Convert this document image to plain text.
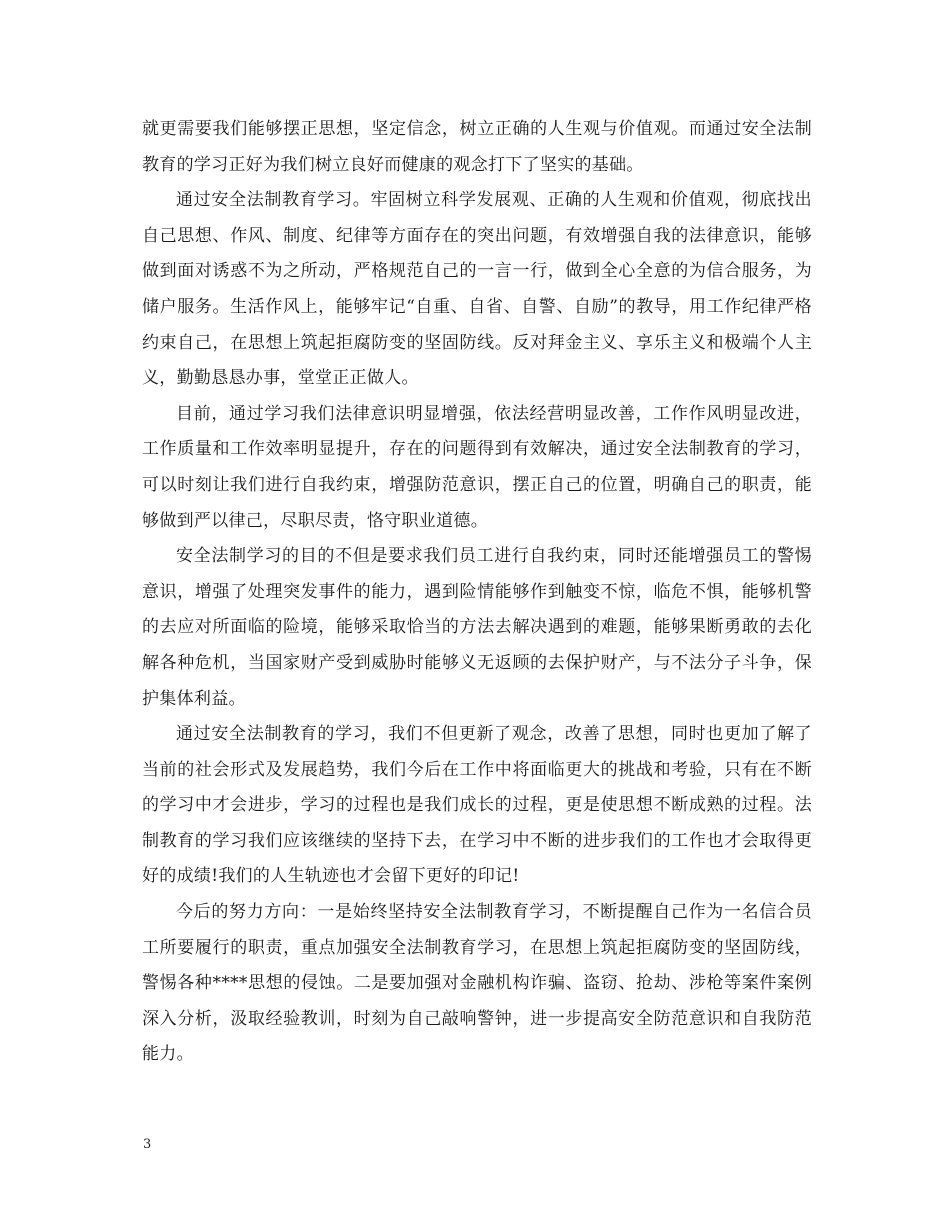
就更需要我们能够摆正思想，坚定信念，树立正确的人生观与价值观。而通过安全法制教育的学习正好为我们树立良好而健康的观念打下了坚实的基础。

通过安全法制教育学习。牢固树立科学发展观、正确的人生观和价值观，彻底找出自己思想、作风、制度、纪律等方面存在的突出问题，有效增强自我的法律意识，能够做到面对诱惑不为之所动，严格规范自己的一言一行，做到全心全意的为信合服务，为储户服务。生活作风上，能够牢记“自重、自省、自警、自励”的教导，用工作纪律严格约束自己，在思想上筑起拒腐防变的坚固防线。反对拜金主义、享乐主义和极端个人主义，勤勤恳恳办事，堂堂正正做人。

目前，通过学习我们法律意识明显增强，依法经营明显改善，工作作风明显改进，工作质量和工作效率明显提升，存在的问题得到有效解决，通过安全法制教育的学习，可以时刻让我们进行自我约束，增强防范意识，摆正自己的位置，明确自己的职责，能够做到严以律己，尽职尽责，恪守职业道德。

安全法制学习的目的不但是要求我们员工进行自我约束，同时还能增强员工的警惕意识，增强了处理突发事件的能力，遇到险情能够作到触变不惊，临危不惧，能够机警的去应对所面临的险境，能够采取恰当的方法去解决遇到的难题，能够果断勇敢的去化解各种危机，当国家财产受到威胁时能够义无返顾的去保护财产，与不法分子斗争，保护集体利益。

通过安全法制教育的学习，我们不但更新了观念，改善了思想，同时也更加了解了当前的社会形式及发展趋势，我们今后在工作中将面临更大的挑战和考验，只有在不断的学习中才会进步，学习的过程也是我们成长的过程，更是使思想不断成熟的过程。法制教育的学习我们应该继续的坚持下去，在学习中不断的进步我们的工作也才会取得更好的成绩!我们的人生轨迹也才会留下更好的印记!

今后的努力方向：一是始终坚持安全法制教育学习，不断提醒自己作为一名信合员工所要履行的职责，重点加强安全法制教育学习，在思想上筑起拒腐防变的坚固防线，警惕各种****思想的侵蚀。二是要加强对金融机构诈骗、盗窃、抢劫、涉枪等案件案例深入分析，汲取经验教训，时刻为自己敲响警钟，进一步提高安全防范意识和自我防范能力。

3
